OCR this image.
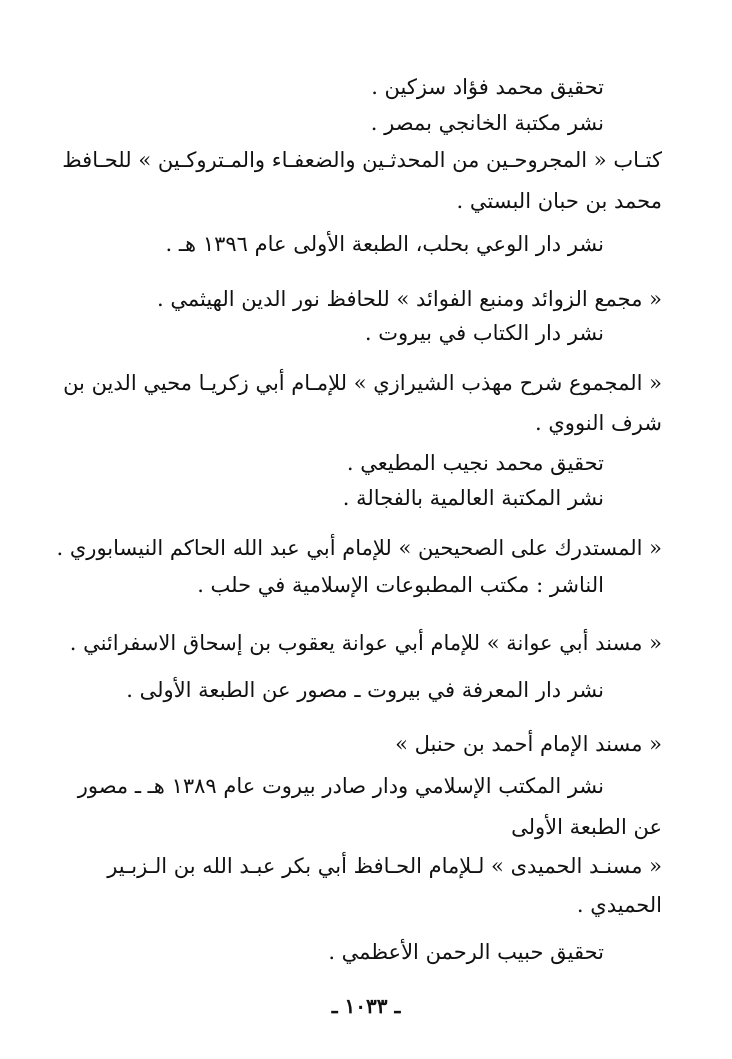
تحقيق محمد فؤاد سزكين .
نشر مكتبة الخانجي بمصر .
كتـاب « المجروحـين من المحدثـين والضعفـاء والمـتروكـين » للحـافظ
محمد بن حبان البستي .
نشر دار الوعي بحلب، الطبعة الأولى عام ١٣٩٦ هـ .
« مجمع الزوائد ومنبع الفوائد » للحافظ نور الدين الهيثمي .
نشر دار الكتاب في بيروت .
« المجموع شرح مهذب الشيرازي » للإمـام أبي زكريـا محيي الدين بن
شرف النووي .
تحقيق محمد نجيب المطيعي .
نشر المكتبة العالمية بالفجالة .
« المستدرك على الصحيحين » للإمام أبي عبد الله الحاكم النيسابوري .
الناشر : مكتب المطبوعات الإسلامية في حلب .
« مسند أبي عوانة » للإمام أبي عوانة يعقوب بن إسحاق الاسفرائني .
نشر دار المعرفة في بيروت ـ مصور عن الطبعة الأولى .
« مسند الإمام أحمد بن حنبل »
نشر المكتب الإسلامي ودار صادر بيروت عام ١٣٨٩ هـ ـ مصور
عن الطبعة الأولى
« مسنـد الحميدى » لـلإمام الحـافظ أبي بكر عبـد الله بن الـزبـير
الحميدي .
تحقيق حبيب الرحمن الأعظمي .
ـ ١٠٣٣ ـ
